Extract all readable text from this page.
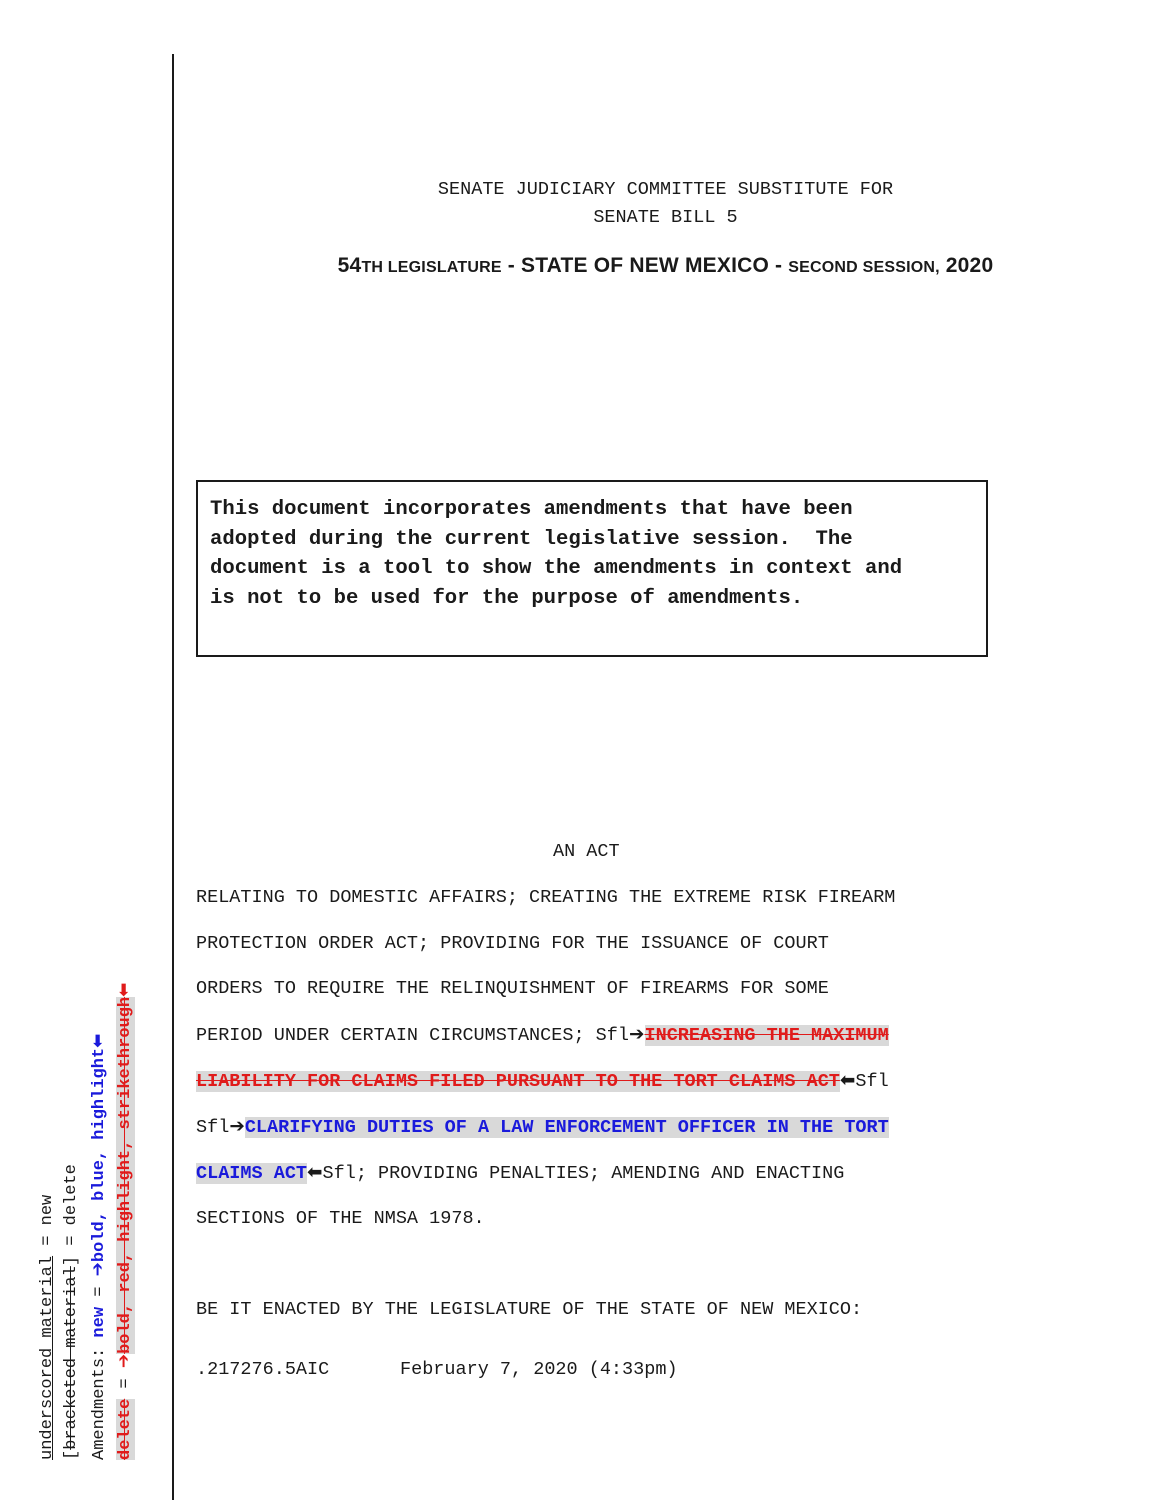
underscored material = new
[bracketed material] = delete
Amendments: new = ➔bold, blue, highlight⬅
delete = ➔bold, red, highlight, strikethrough⬅
SENATE JUDICIARY COMMITTEE SUBSTITUTE FOR
SENATE BILL 5
54TH LEGISLATURE - STATE OF NEW MEXICO - SECOND SESSION, 2020
This document incorporates amendments that have been
adopted during the current legislative session.  The
document is a tool to show the amendments in context and
is not to be used for the purpose of amendments.
AN ACT
RELATING TO DOMESTIC AFFAIRS; CREATING THE EXTREME RISK FIREARM
PROTECTION ORDER ACT; PROVIDING FOR THE ISSUANCE OF COURT
ORDERS TO REQUIRE THE RELINQUISHMENT OF FIREARMS FOR SOME
PERIOD UNDER CERTAIN CIRCUMSTANCES; Sfl➔INCREASING THE MAXIMUM
LIABILITY FOR CLAIMS FILED PURSUANT TO THE TORT CLAIMS ACT⬅Sfl
Sfl➔CLARIFYING DUTIES OF A LAW ENFORCEMENT OFFICER IN THE TORT
CLAIMS ACT⬅Sfl; PROVIDING PENALTIES; AMENDING AND ENACTING
SECTIONS OF THE NMSA 1978.
BE IT ENACTED BY THE LEGISLATURE OF THE STATE OF NEW MEXICO:
.217276.5AIC	February 7, 2020 (4:33pm)
